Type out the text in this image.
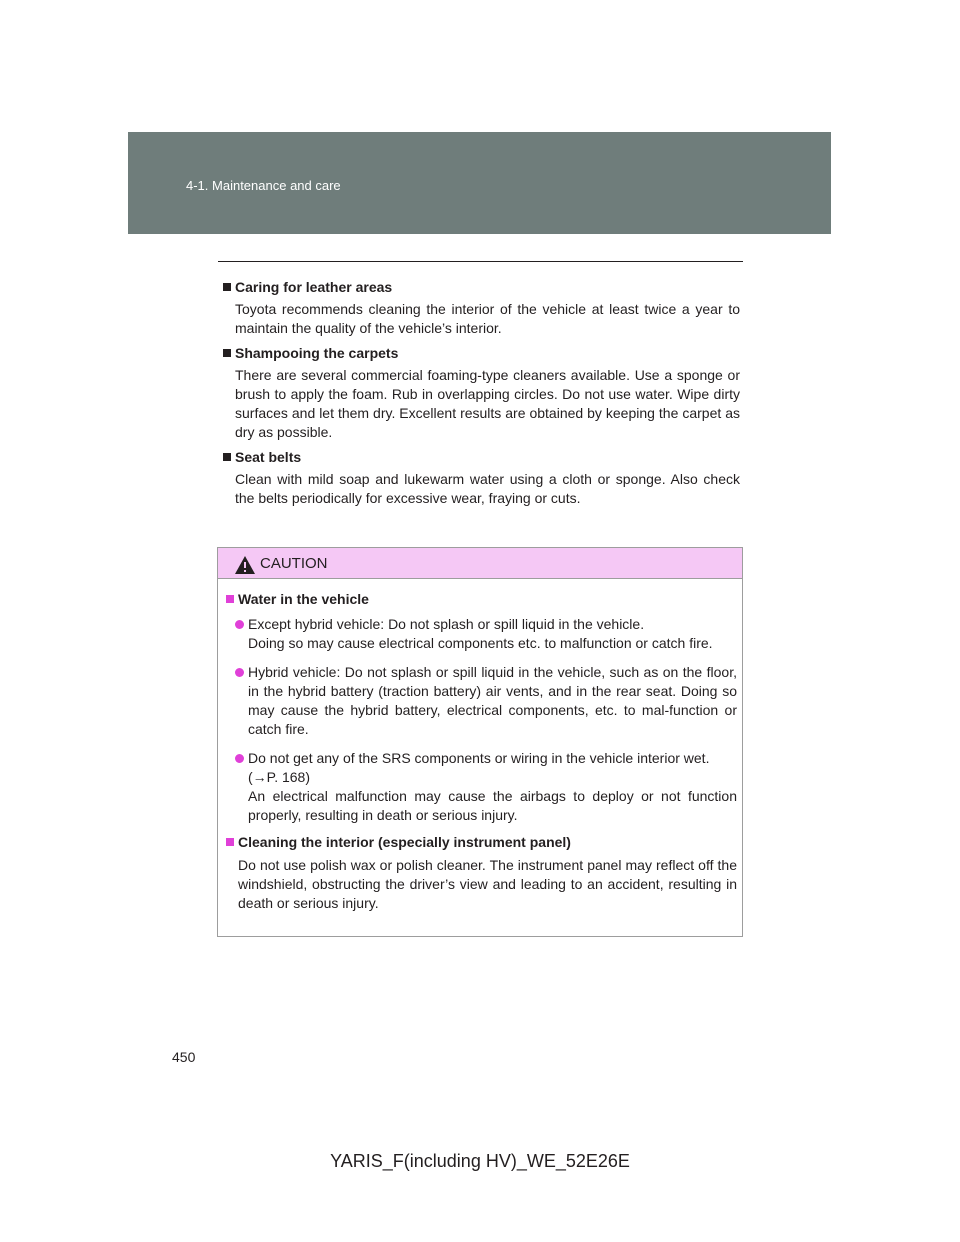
4-1. Maintenance and care

Caring for leather areas

Toyota recommends cleaning the interior of the vehicle at least twice a year to maintain the quality of the vehicle’s interior.

Shampooing the carpets

There are several commercial foaming-type cleaners available. Use a sponge or brush to apply the foam. Rub in overlapping circles. Do not use water. Wipe dirty surfaces and let them dry. Excellent results are obtained by keeping the carpet as dry as possible.

Seat belts

Clean with mild soap and lukewarm water using a cloth or sponge. Also check the belts periodically for excessive wear, fraying or cuts.

CAUTION
Water in the vehicle
Except hybrid vehicle: Do not splash or spill liquid in the vehicle.
Doing so may cause electrical components etc. to malfunction or catch fire.
Hybrid vehicle: Do not splash or spill liquid in the vehicle, such as on the floor, in the hybrid battery (traction battery) air vents, and in the rear seat. Doing so may cause the hybrid battery, electrical components, etc. to mal-function or catch fire.
Do not get any of the SRS components or wiring in the vehicle interior wet.
(→P. 168)
An electrical malfunction may cause the airbags to deploy or not function properly, resulting in death or serious injury.
Cleaning the interior (especially instrument panel)

Do not use polish wax or polish cleaner. The instrument panel may reflect off the windshield, obstructing the driver’s view and leading to an accident, resulting in death or serious injury.

450
YARIS_F(including HV)_WE_52E26E
